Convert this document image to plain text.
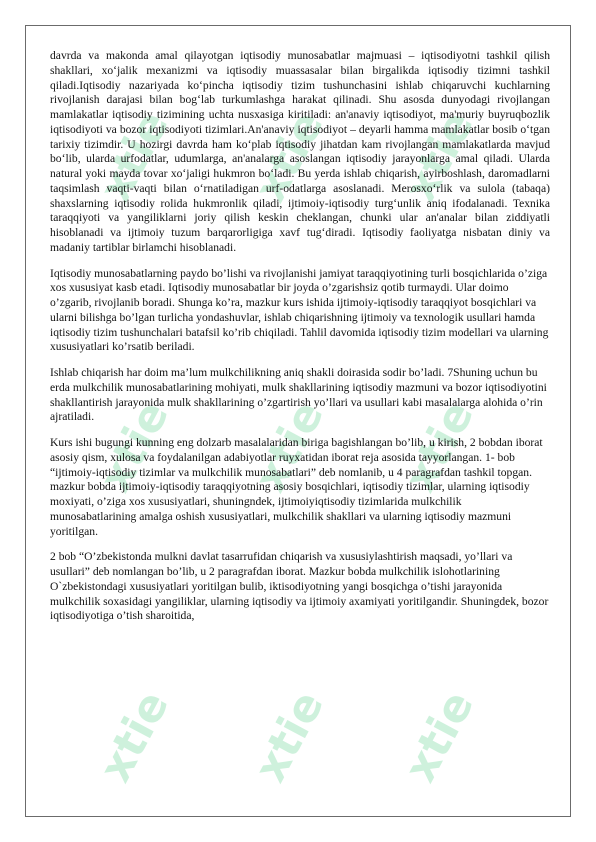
xtie xtie xtie
xtie xtie xtie
xtie xtie xtie

davrda va makonda amal qilayotgan iqtisodiy munosabatlar majmuasi – iqtisodiyotni tashkil qilish shakllari, xo‘jalik mexanizmi va iqtisodiy muassasalar bilan birgalikda iqtisodiy tizimni tashkil qiladi.Iqtisodiy nazariyada ko‘pincha iqtisodiy tizim tushunchasini ishlab chiqaruvchi kuchlarning rivojlanish darajasi bilan bog‘lab turkumlashga harakat qilinadi. Shu asosda dunyodagi rivojlangan mamlakatlar iqtisodiy tizimining uchta nusxasiga kiritiladi: an'anaviy iqtisodiyot, ma'muriy buyruqbozlik iqtisodiyoti va bozor iqtisodiyoti tizimlari.An'anaviy iqtisodiyot – deyarli hamma mamlakatlar bosib o‘tgan tarixiy tizimdir. U hozirgi davrda ham ko‘plab iqtisodiy jihatdan kam rivojlangan mamlakatlarda mavjud bo‘lib, ularda urfodatlar, udumlarga, an'analarga asoslangan iqtisodiy jarayonlarga amal qiladi. Ularda natural yoki mayda tovar xo‘jaligi hukmron bo‘ladi. Bu yerda ishlab chiqarish, ayirboshlash, daromadlarni taqsimlash vaqti-vaqti bilan o‘rnatiladigan urf-odatlarga asoslanadi. Merosxo‘rlik va sulola (tabaqa) shaxslarning iqtisodiy rolida hukmronlik qiladi, ijtimoiy-iqtisodiy turg‘unlik aniq ifodalanadi. Texnika taraqqiyoti va yangiliklarni joriy qilish keskin cheklangan, chunki ular an'analar bilan ziddiyatli hisoblanadi va ijtimoiy tuzum barqarorligiga xavf tug‘diradi. Iqtisodiy faoliyatga nisbatan diniy va madaniy tartiblar birlamchi hisoblanadi.

Iqtisodiy munosabatlarning paydo bo’lishi va rivojlanishi jamiyat taraqqiyotining turli bosqichlarida o’ziga xos xususiyat kasb etadi. Iqtisodiy munosabatlar bir joyda o’zgarishsiz qotib turmaydi. Ular doimo o’zgarib, rivojlanib boradi. Shunga ko’ra, mazkur kurs ishida ijtimoiy-iqtisodiy taraqqiyot bosqichlari va ularni bilishga bo’lgan turlicha yondashuvlar, ishlab chiqarishning ijtimoiy va texnologik usullari hamda iqtisodiy tizim tushunchalari batafsil ko’rib chiqiladi. Tahlil davomida iqtisodiy tizim modellari va ularning xususiyatlari ko’rsatib beriladi.

Ishlab chiqarish har doim ma’lum mulkchilikning aniq shakli doirasida sodir bo’ladi. 7Shuning uchun bu erda mulkchilik munosabatlarining mohiyati, mulk shakllarining iqtisodiy mazmuni va bozor iqtisodiyotini shakllantirish jarayonida mulk shakllarining o’zgartirish yo’llari va usullari kabi masalalarga alohida o’rin ajratiladi.

Kurs ishi bugungi kunning eng dolzarb masalalaridan biriga bagishlangan bo’lib, u kirish, 2 bobdan iborat asosiy qism, xulosa va foydalanilgan adabiyotlar ruyxatidan iborat reja asosida tayyorlangan. 1- bob “ijtimoiy-iqtisodiy tizimlar va mulkchilik munosabatlari” deb nomlanib, u 4 paragrafdan tashkil topgan. mazkur bobda ijtimoiy-iqtisodiy taraqqiyotning asosiy bosqichlari, iqtisodiy tizimlar, ularning iqtisodiy moxiyati, o’ziga xos xususiyatlari, shuningndek, ijtimoiyiqtisodiy tizimlarida mulkchilik munosabatlarining amalga oshish xususiyatlari, mulkchilik shakllari va ularning iqtisodiy mazmuni yoritilgan.

2 bob “O’zbekistonda mulkni davlat tasarrufidan chiqarish va xususiylashtirish maqsadi, yo’llari va usullari” deb nomlangan bo’lib, u 2 paragrafdan iborat. Mazkur bobda mulkchilik islohotlarining O`zbekistondagi xususiyatlari yoritilgan bulib, iktisodiyotning yangi bosqichga o’tishi jarayonida mulkchilik soxasidagi yangiliklar, ularning iqtisodiy va ijtimoiy axamiyati yoritilgandir. Shuningdek, bozor iqtisodiyotiga o’tish sharoitida,
